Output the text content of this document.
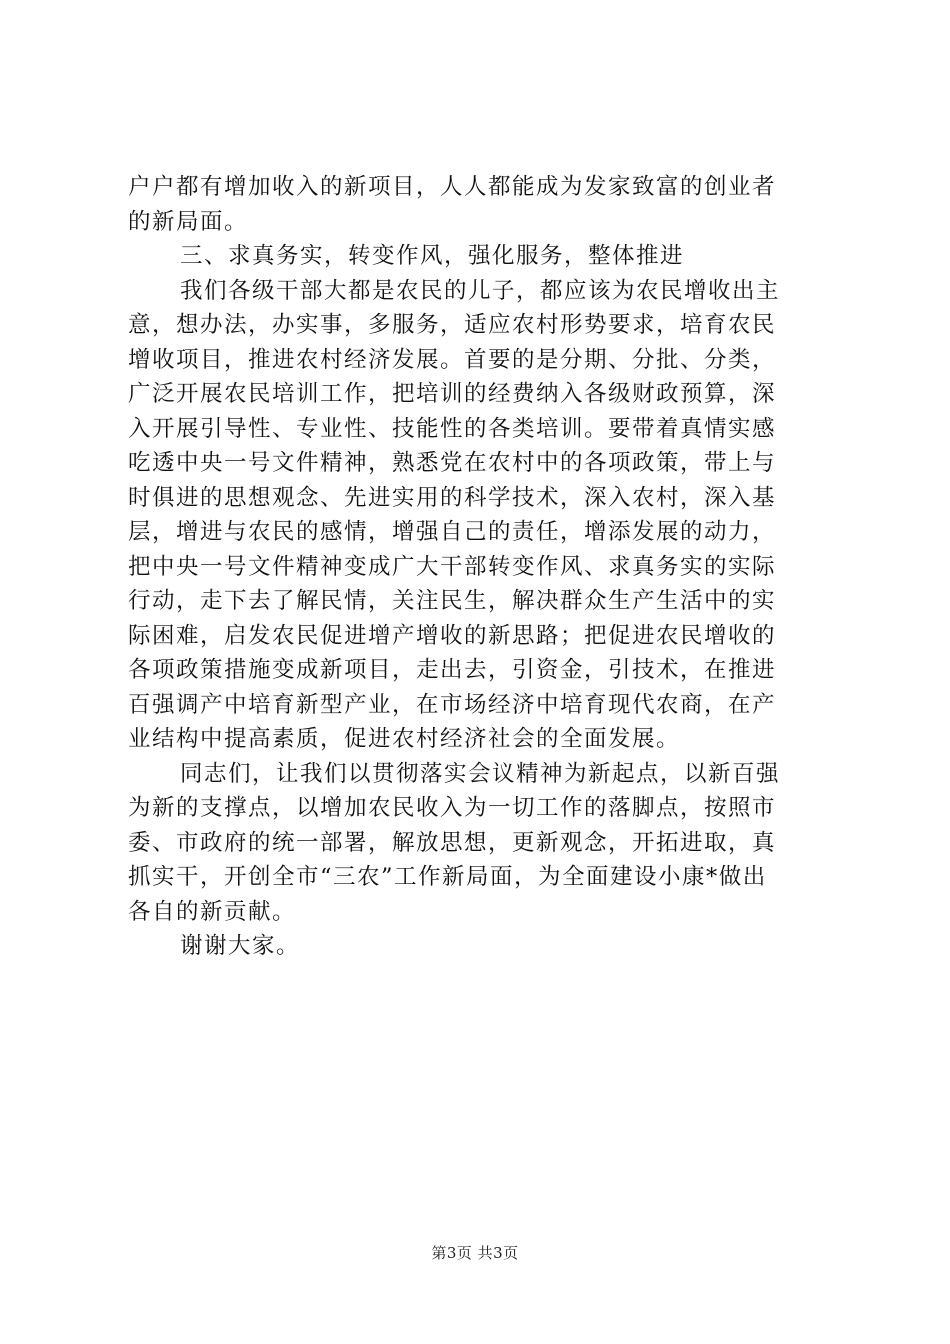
户户都有增加收入的新项目，人人都能成为发家致富的创业者
的新局面。
三、求真务实，转变作风，强化服务，整体推进
我们各级干部大都是农民的儿子，都应该为农民增收出主
意，想办法，办实事，多服务，适应农村形势要求，培育农民
增收项目，推进农村经济发展。首要的是分期、分批、分类，
广泛开展农民培训工作，把培训的经费纳入各级财政预算，深
入开展引导性、专业性、技能性的各类培训。要带着真情实感
吃透中央一号文件精神，熟悉党在农村中的各项政策，带上与
时俱进的思想观念、先进实用的科学技术，深入农村，深入基
层，增进与农民的感情，增强自己的责任，增添发展的动力，
把中央一号文件精神变成广大干部转变作风、求真务实的实际
行动，走下去了解民情，关注民生，解决群众生产生活中的实
际困难，启发农民促进增产增收的新思路；把促进农民增收的
各项政策措施变成新项目，走出去，引资金，引技术，在推进
百强调产中培育新型产业，在市场经济中培育现代农商，在产
业结构中提高素质，促进农村经济社会的全面发展。
同志们，让我们以贯彻落实会议精神为新起点，以新百强
为新的支撑点，以增加农民收入为一切工作的落脚点，按照市
委、市政府的统一部署，解放思想，更新观念，开拓进取，真
抓实干，开创全市“三农”工作新局面，为全面建设小康*做出
各自的新贡献。
谢谢大家。
第3页 共3页
